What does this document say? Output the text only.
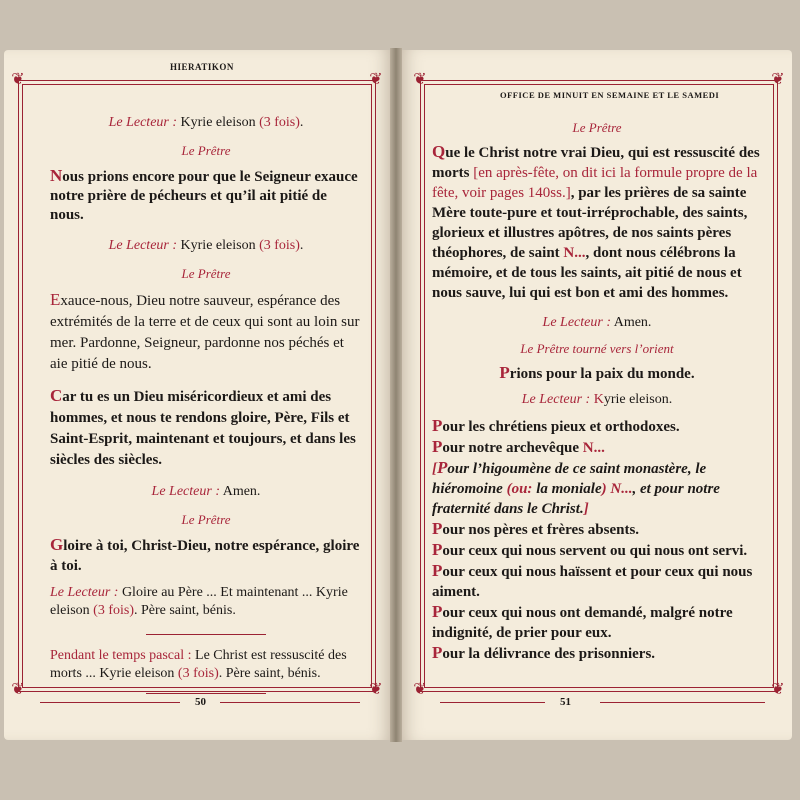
❦	❦
❦	❦
HIERATIKON
50
❦	❦
❦	❦
OFFICE DE MINUIT EN SEMAINE ET LE SAMEDI
51

Le Lecteur : Kyrie eleison (3 fois).

Le Prêtre

Nous prions encore pour que le Seigneur exauce notre prière de pécheurs et qu’il ait pitié de nous.

Le Lecteur : Kyrie eleison (3 fois).

Le Prêtre

Exauce-nous, Dieu notre sauveur, espérance des extrémités de la terre et de ceux qui sont au loin sur mer. Pardonne, Seigneur, pardonne nos péchés et aie pitié de nous.

Car tu es un Dieu miséricordieux et ami des hommes, et nous te rendons gloire, Père, Fils et Saint-Esprit, maintenant et toujours, et dans les siècles des siècles.

Le Lecteur : Amen.

Le Prêtre

Gloire à toi, Christ-Dieu, notre espérance, gloire à toi.

Le Lecteur : Gloire au Père ... Et maintenant ... Kyrie eleison (3 fois). Père saint, bénis.

Pendant le temps pascal : Le Christ est ressuscité des morts ... Kyrie eleison (3 fois). Père saint, bénis.

Le Prêtre

Que le Christ notre vrai Dieu, qui est ressuscité des morts [en après-fête, on dit ici la formule propre de la fête, voir pages 140ss.], par les prières de sa sainte Mère toute-pure et tout-irréprochable, des saints, glorieux et illustres apôtres, de nos saints pères théophores, de saint N..., dont nous célébrons la mémoire, et de tous les saints, ait pitié de nous et nous sauve, lui qui est bon et ami des hommes.

Le Lecteur : Amen.

Le Prêtre tourné vers l’orient

Prions pour la paix du monde.

Le Lecteur : Kyrie eleison.

Pour les chrétiens pieux et orthodoxes.

Pour notre archevêque N...

[Pour l’higoumène de ce saint monastère, le hiéromoine (ou: la moniale) N..., et pour notre fraternité dans le Christ.]

Pour nos pères et frères absents.

Pour ceux qui nous servent ou qui nous ont servi.

Pour ceux qui nous haïssent et pour ceux qui nous aiment.

Pour ceux qui nous ont demandé, malgré notre indignité, de prier pour eux.

Pour la délivrance des prisonniers.
